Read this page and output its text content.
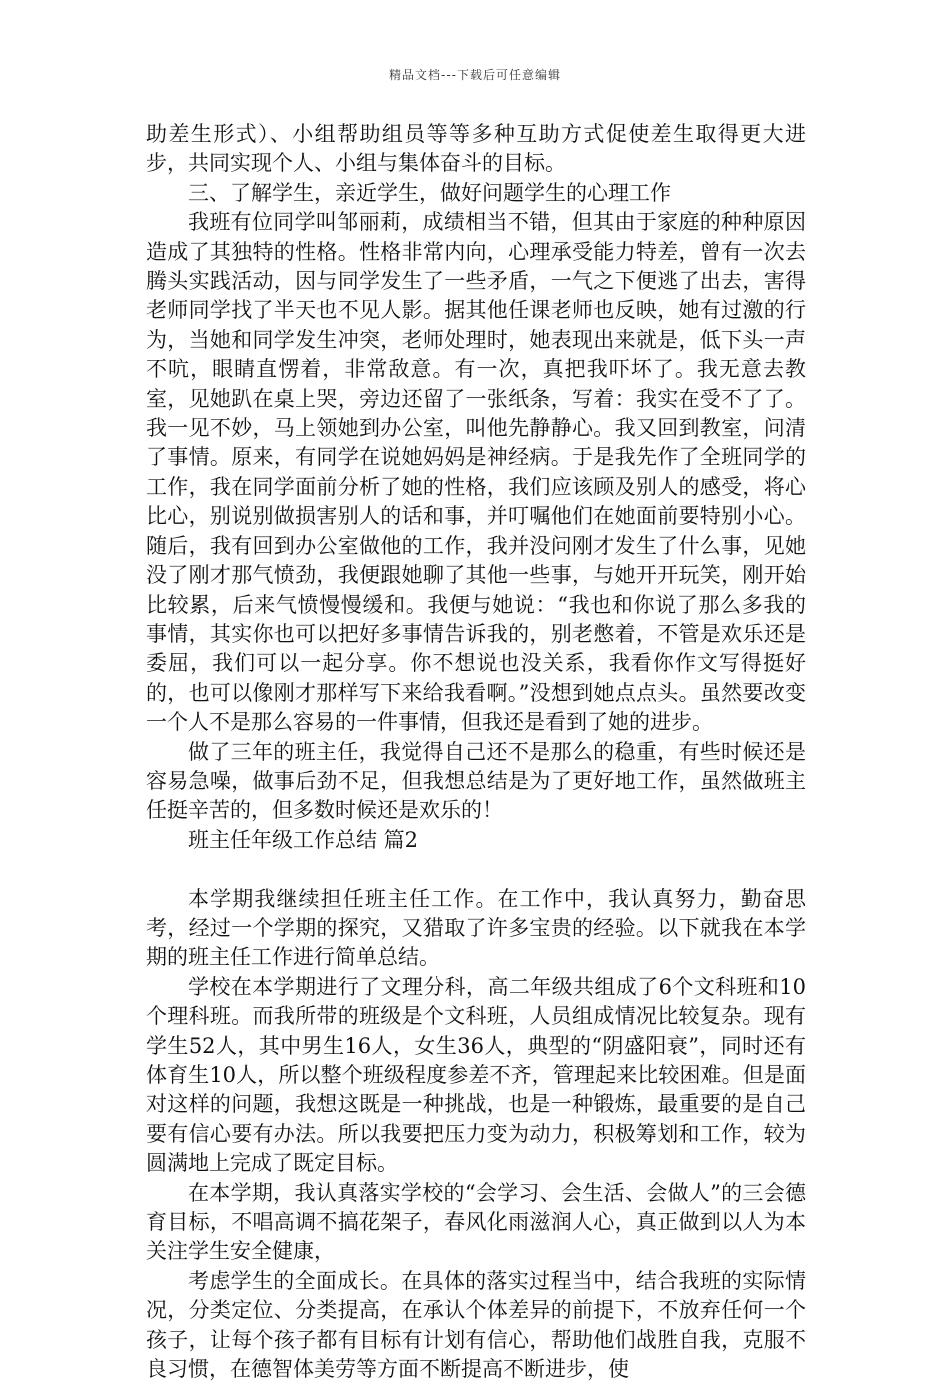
精品文档---下载后可任意编辑

助差生形式）、小组帮助组员等等多种互助方式促使差生取得更大进步，共同实现个人、小组与集体奋斗的目标。

三、了解学生，亲近学生，做好问题学生的心理工作

我班有位同学叫邹丽莉，成绩相当不错，但其由于家庭的种种原因造成了其独特的性格。性格非常内向，心理承受能力特差，曾有一次去腾头实践活动，因与同学发生了一些矛盾，一气之下便逃了出去，害得老师同学找了半天也不见人影。据其他任课老师也反映，她有过激的行为，当她和同学发生冲突，老师处理时，她表现出来就是，低下头一声不吭，眼睛直愣着，非常敌意。有一次，真把我吓坏了。我无意去教室，见她趴在桌上哭，旁边还留了一张纸条，写着：我实在受不了了。我一见不妙，马上领她到办公室，叫他先静静心。我又回到教室，问清了事情。原来，有同学在说她妈妈是神经病。于是我先作了全班同学的工作，我在同学面前分析了她的性格，我们应该顾及别人的感受，将心比心，别说别做损害别人的话和事，并叮嘱他们在她面前要特别小心。随后，我有回到办公室做他的工作，我并没问刚才发生了什么事，见她没了刚才那气愤劲，我便跟她聊了其他一些事，与她开开玩笑，刚开始比较累，后来气愤慢慢缓和。我便与她说：“我也和你说了那么多我的事情，其实你也可以把好多事情告诉我的，别老憋着，不管是欢乐还是委屈，我们可以一起分享。你不想说也没关系，我看你作文写得挺好的，也可以像刚才那样写下来给我看啊。”没想到她点点头。虽然要改变一个人不是那么容易的一件事情，但我还是看到了她的进步。

做了三年的班主任，我觉得自己还不是那么的稳重，有些时候还是容易急噪，做事后劲不足，但我想总结是为了更好地工作，虽然做班主任挺辛苦的，但多数时候还是欢乐的！

班主任年级工作总结 篇2

本学期我继续担任班主任工作。在工作中，我认真努力，勤奋思考，经过一个学期的探究，又猎取了许多宝贵的经验。以下就我在本学期的班主任工作进行简单总结。

学校在本学期进行了文理分科，高二年级共组成了6个文科班和10个理科班。而我所带的班级是个文科班，人员组成情况比较复杂。现有学生52人，其中男生16人，女生36人，典型的“阴盛阳衰”，同时还有体育生10人，所以整个班级程度参差不齐，管理起来比较困难。但是面对这样的问题，我想这既是一种挑战，也是一种锻炼，最重要的是自己要有信心要有办法。所以我要把压力变为动力，积极筹划和工作，较为圆满地上完成了既定目标。

在本学期，我认真落实学校的“会学习、会生活、会做人”的三会德育目标，不唱高调不搞花架子，春风化雨滋润人心，真正做到以人为本关注学生安全健康，

考虑学生的全面成长。在具体的落实过程当中，结合我班的实际情况，分类定位、分类提高，在承认个体差异的前提下，不放弃任何一个孩子，让每个孩子都有目标有计划有信心，帮助他们战胜自我，克服不良习惯，在德智体美劳等方面不断提高不断进步，使
